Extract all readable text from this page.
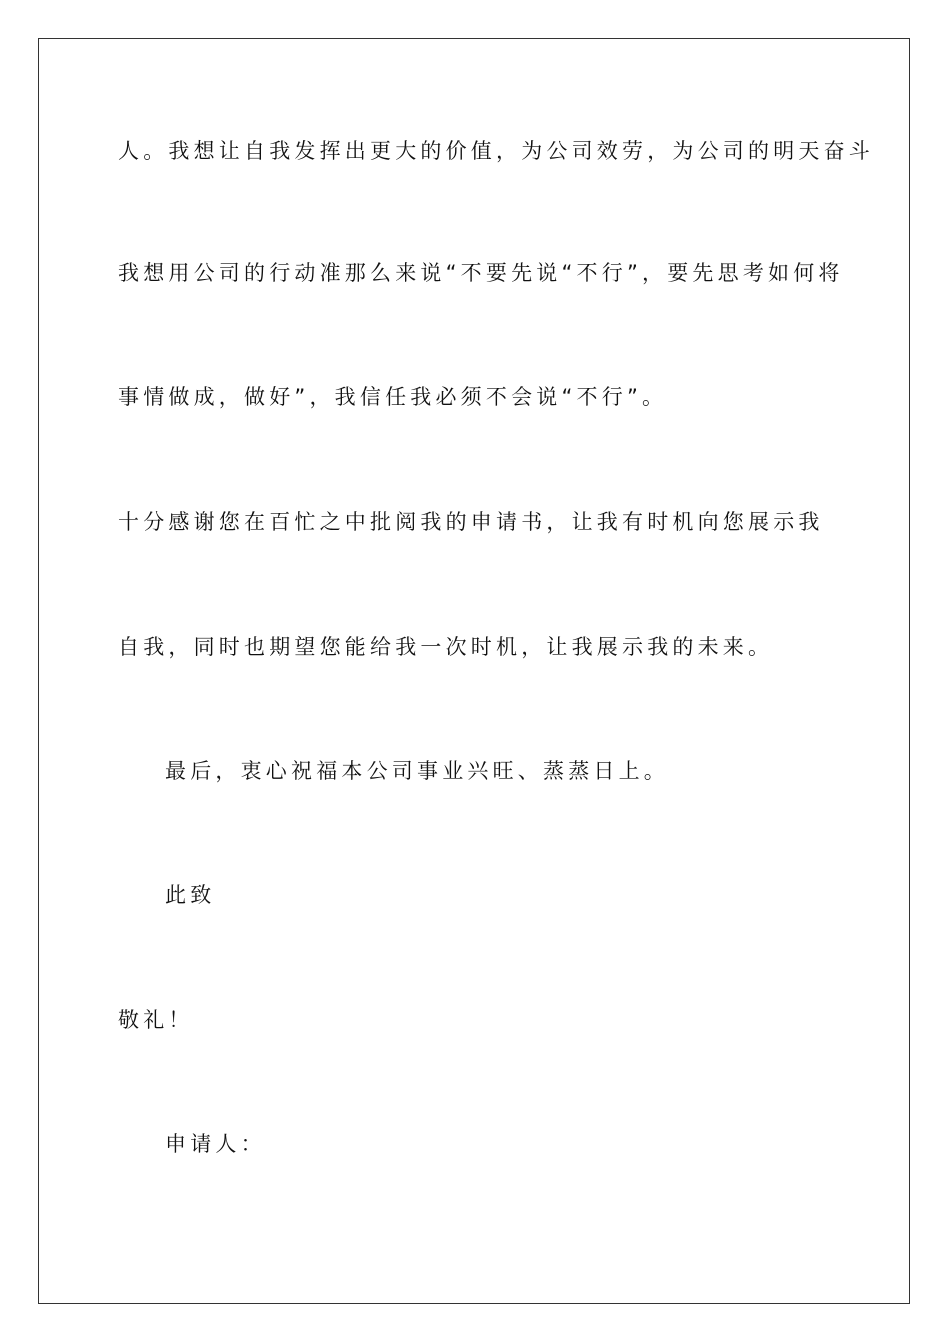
人。我想让自我发挥出更大的价值，为公司效劳，为公司的明天奋斗
我想用公司的行动准那么来说“不要先说“不行”，要先思考如何将
事情做成，做好”，我信任我必须不会说“不行”。
十分感谢您在百忙之中批阅我的申请书，让我有时机向您展示我
自我，同时也期望您能给我一次时机，让我展示我的未来。
最后，衷心祝福本公司事业兴旺、蒸蒸日上。
此致
敬礼！
申请人：
